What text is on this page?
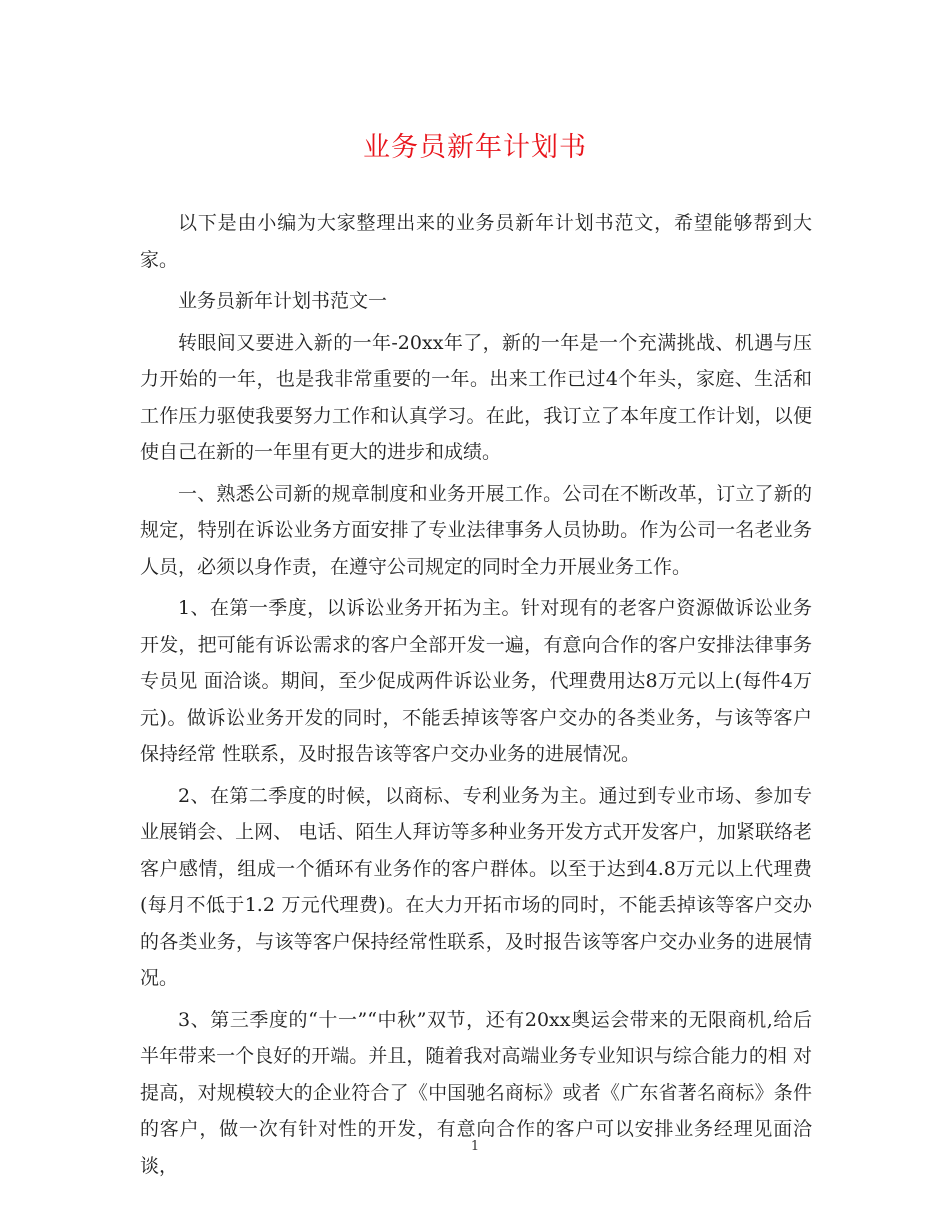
业务员新年计划书

以下是由小编为大家整理出来的业务员新年计划书范文，希望能够帮到大家。

业务员新年计划书范文一

转眼间又要进入新的一年-20xx年了，新的一年是一个充满挑战、机遇与压力开始的一年，也是我非常重要的一年。出来工作已过4个年头，家庭、生活和工作压力驱使我要努力工作和认真学习。在此，我订立了本年度工作计划，以便使自己在新的一年里有更大的进步和成绩。

一、熟悉公司新的规章制度和业务开展工作。公司在不断改革，订立了新的规定，特别在诉讼业务方面安排了专业法律事务人员协助。作为公司一名老业务人员，必须以身作责，在遵守公司规定的同时全力开展业务工作。

1、在第一季度，以诉讼业务开拓为主。针对现有的老客户资源做诉讼业务开发，把可能有诉讼需求的客户全部开发一遍，有意向合作的客户安排法律事务专员见 面洽谈。期间，至少促成两件诉讼业务，代理费用达8万元以上(每件4万元)。做诉讼业务开发的同时，不能丢掉该等客户交办的各类业务，与该等客户保持经常 性联系，及时报告该等客户交办业务的进展情况。

2、在第二季度的时候，以商标、专利业务为主。通过到专业市场、参加专业展销会、上网、 电话、陌生人拜访等多种业务开发方式开发客户，加紧联络老客户感情，组成一个循环有业务作的客户群体。以至于达到4.8万元以上代理费(每月不低于1.2 万元代理费)。在大力开拓市场的同时，不能丢掉该等客户交办的各类业务，与该等客户保持经常性联系，及时报告该等客户交办业务的进展情况。

3、第三季度的“十一”“中秋”双节，还有20xx奥运会带来的无限商机,给后半年带来一个良好的开端。并且，随着我对高端业务专业知识与综合能力的相 对提高，对规模较大的企业符合了《中国驰名商标》或者《广东省著名商标》条件的客户，做一次有针对性的开发，有意向合作的客户可以安排业务经理见面洽谈，

1
